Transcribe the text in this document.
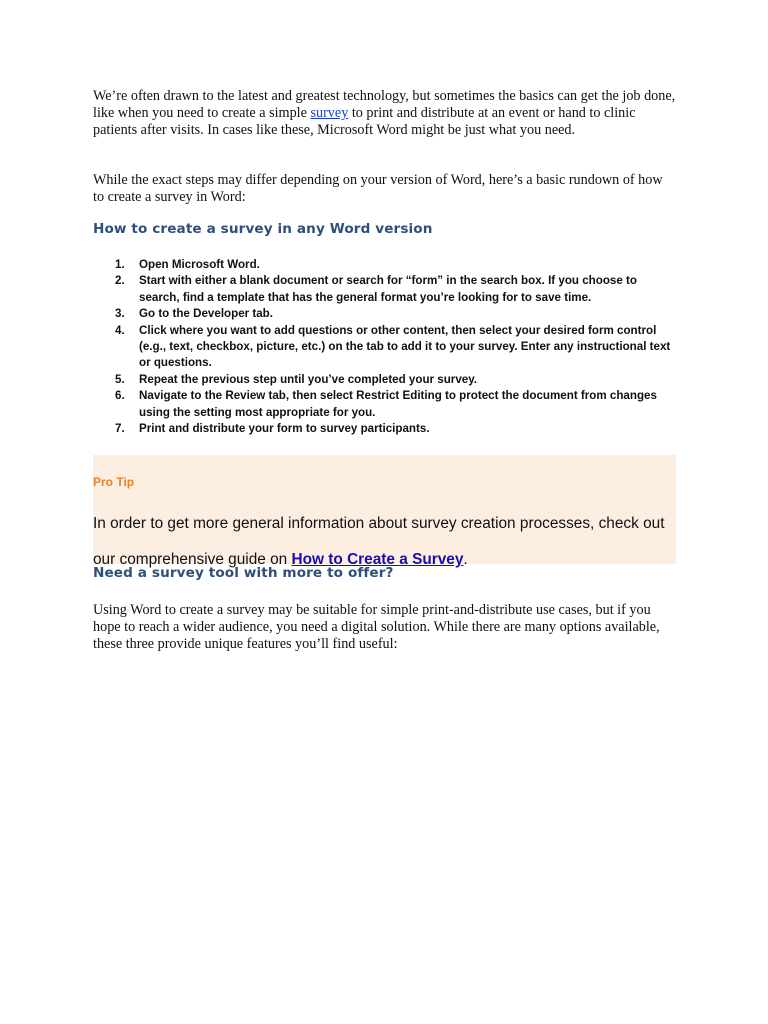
We’re often drawn to the latest and greatest technology, but sometimes the basics can get the job done, like when you need to create a simple survey to print and distribute at an event or hand to clinic patients after visits. In cases like these, Microsoft Word might be just what you need.

While the exact steps may differ depending on your version of Word, here’s a basic rundown of how to create a survey in Word:

How to create a survey in any Word version
1.	Open Microsoft Word.
2.	Start with either a blank document or search for “form” in the search box. If you choose to search, find a template that has the general format you’re looking for to save time.
3.	Go to the Developer tab.
4.	Click where you want to add questions or other content, then select your desired form control (e.g., text, checkbox, picture, etc.) on the tab to add it to your survey. Enter any instructional text or questions.
5.	Repeat the previous step until you’ve completed your survey.
6.	Navigate to the Review tab, then select Restrict Editing to protect the document from changes using the setting most appropriate for you.
7.	Print and distribute your form to survey participants.
Pro Tip
In order to get more general information about survey creation processes, check out our comprehensive guide on How to Create a Survey.
Need a survey tool with more to offer?

Using Word to create a survey may be suitable for simple print-and-distribute use cases, but if you hope to reach a wider audience, you need a digital solution. While there are many options available, these three provide unique features you’ll find useful:
